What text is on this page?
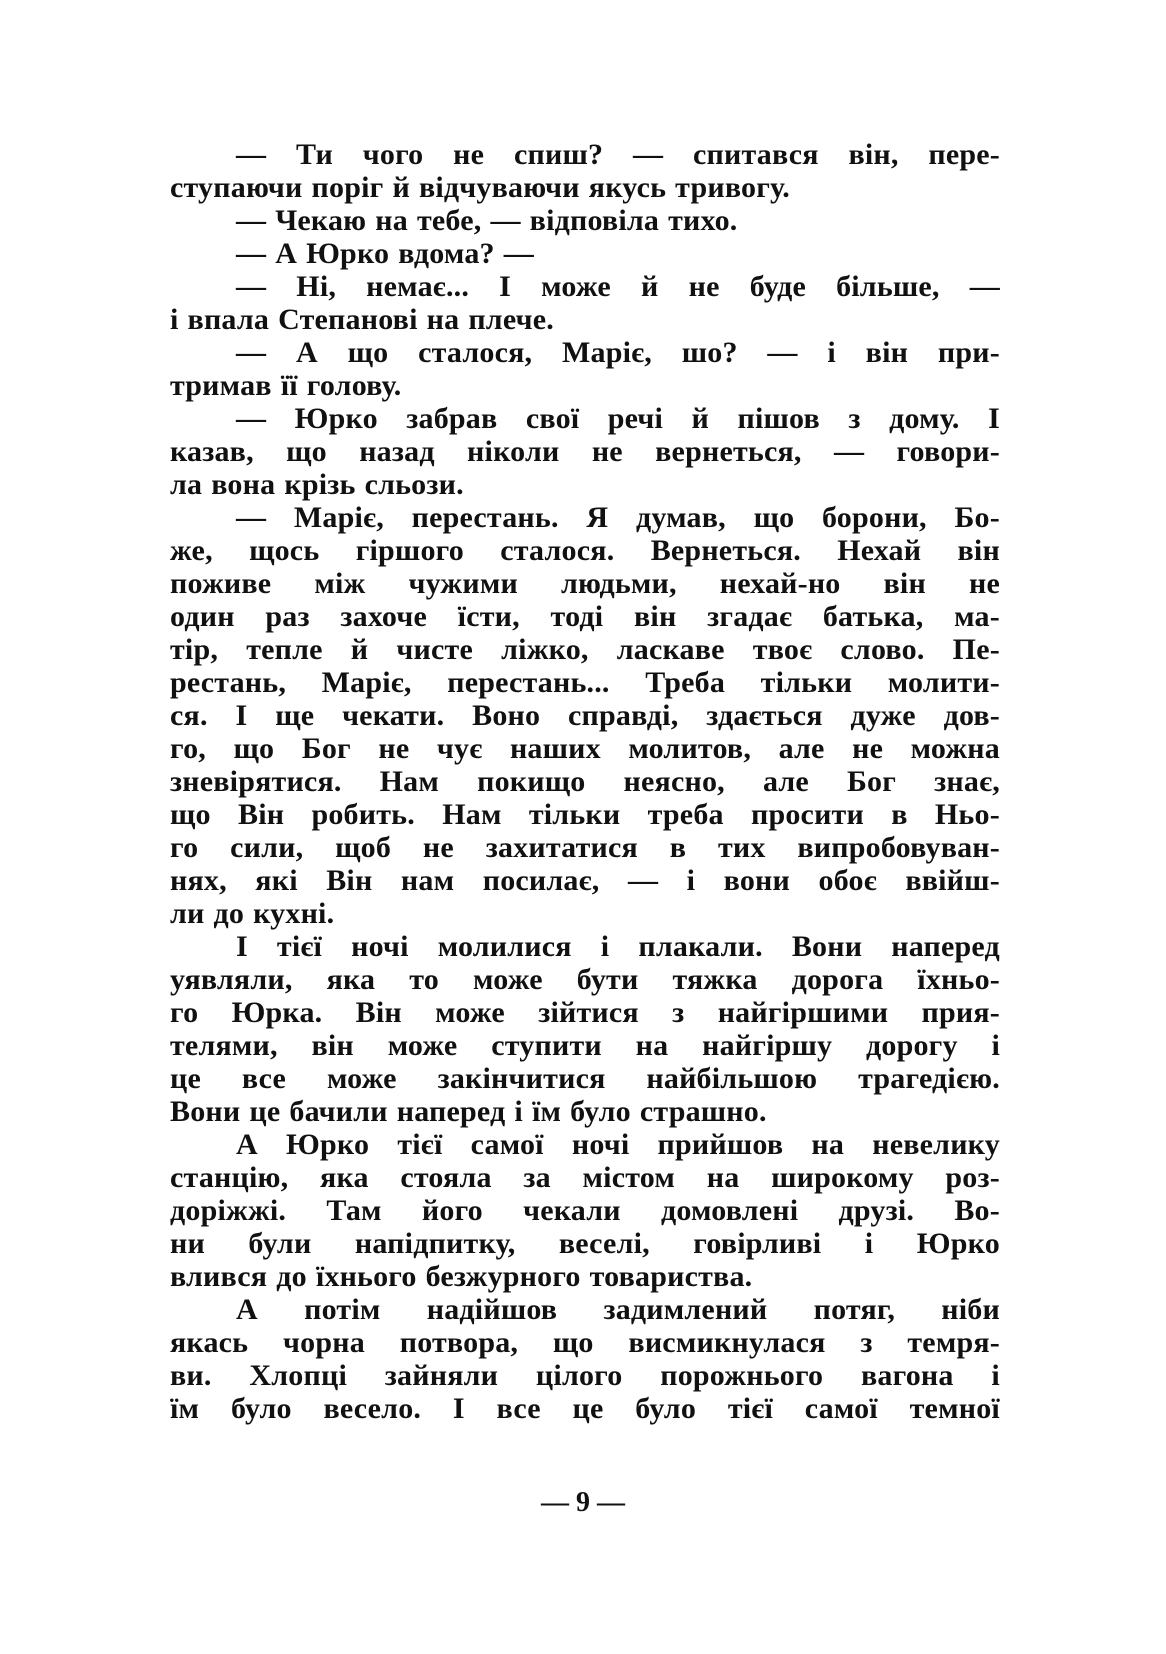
— Ти чого не спиш? — спитався він, пере-
ступаючи поріг й відчуваючи якусь тривогу.
— Чекаю на тебе, — відповіла тихо.
— А Юрко вдома? —
— Ні, немає... І може й не буде більше, —
і впала Степанові на плече.
— А що сталося, Маріє, шо? — і він при-
тримав її голову.
— Юрко забрав свої речі й пішов з дому. І
казав, що назад ніколи не вернеться, — говори-
ла вона крізь сльози.
— Маріє, перестань. Я думав, що борони, Бо-
же, щось гіршого сталося. Вернеться. Нехай він
поживе між чужими людьми, нехай-но він не
один раз захоче їсти, тоді він згадає батька, ма-
тір, тепле й чисте ліжко, ласкаве твоє слово. Пе-
рестань, Маріє, перестань... Треба тільки молити-
ся. І ще чекати. Воно справді, здається дуже дов-
го, що Бог не чує наших молитов, але не можна
зневірятися. Нам покищо неясно, але Бог знає,
що Він робить. Нам тільки треба просити в Ньо-
го сили, щоб не захитатися в тих випробовуван-
нях, які Він нам посилає, — і вони обоє ввійш-
ли до кухні.
І тієї ночі молилися і плакали. Вони наперед
уявляли, яка то може бути тяжка дорога їхньо-
го Юрка. Він може зійтися з найгіршими прия-
телями, він може ступити на найгіршу дорогу і
це все може закінчитися найбільшою трагедією.
Вони це бачили наперед і їм було страшно.
А Юрко тієї самої ночі прийшов на невелику
станцію, яка стояла за містом на широкому роз-
доріжжі. Там його чекали домовлені друзі. Во-
ни були напідпитку, веселі, говірливі і Юрко
влився до їхнього безжурного товариства.
А потім надійшов задимлений потяг, ніби
якась чорна потвора, що висмикнулася з темря-
ви. Хлопці зайняли цілого порожнього вагона і
їм було весело. І все це було тієї самої темної
— 9 —
